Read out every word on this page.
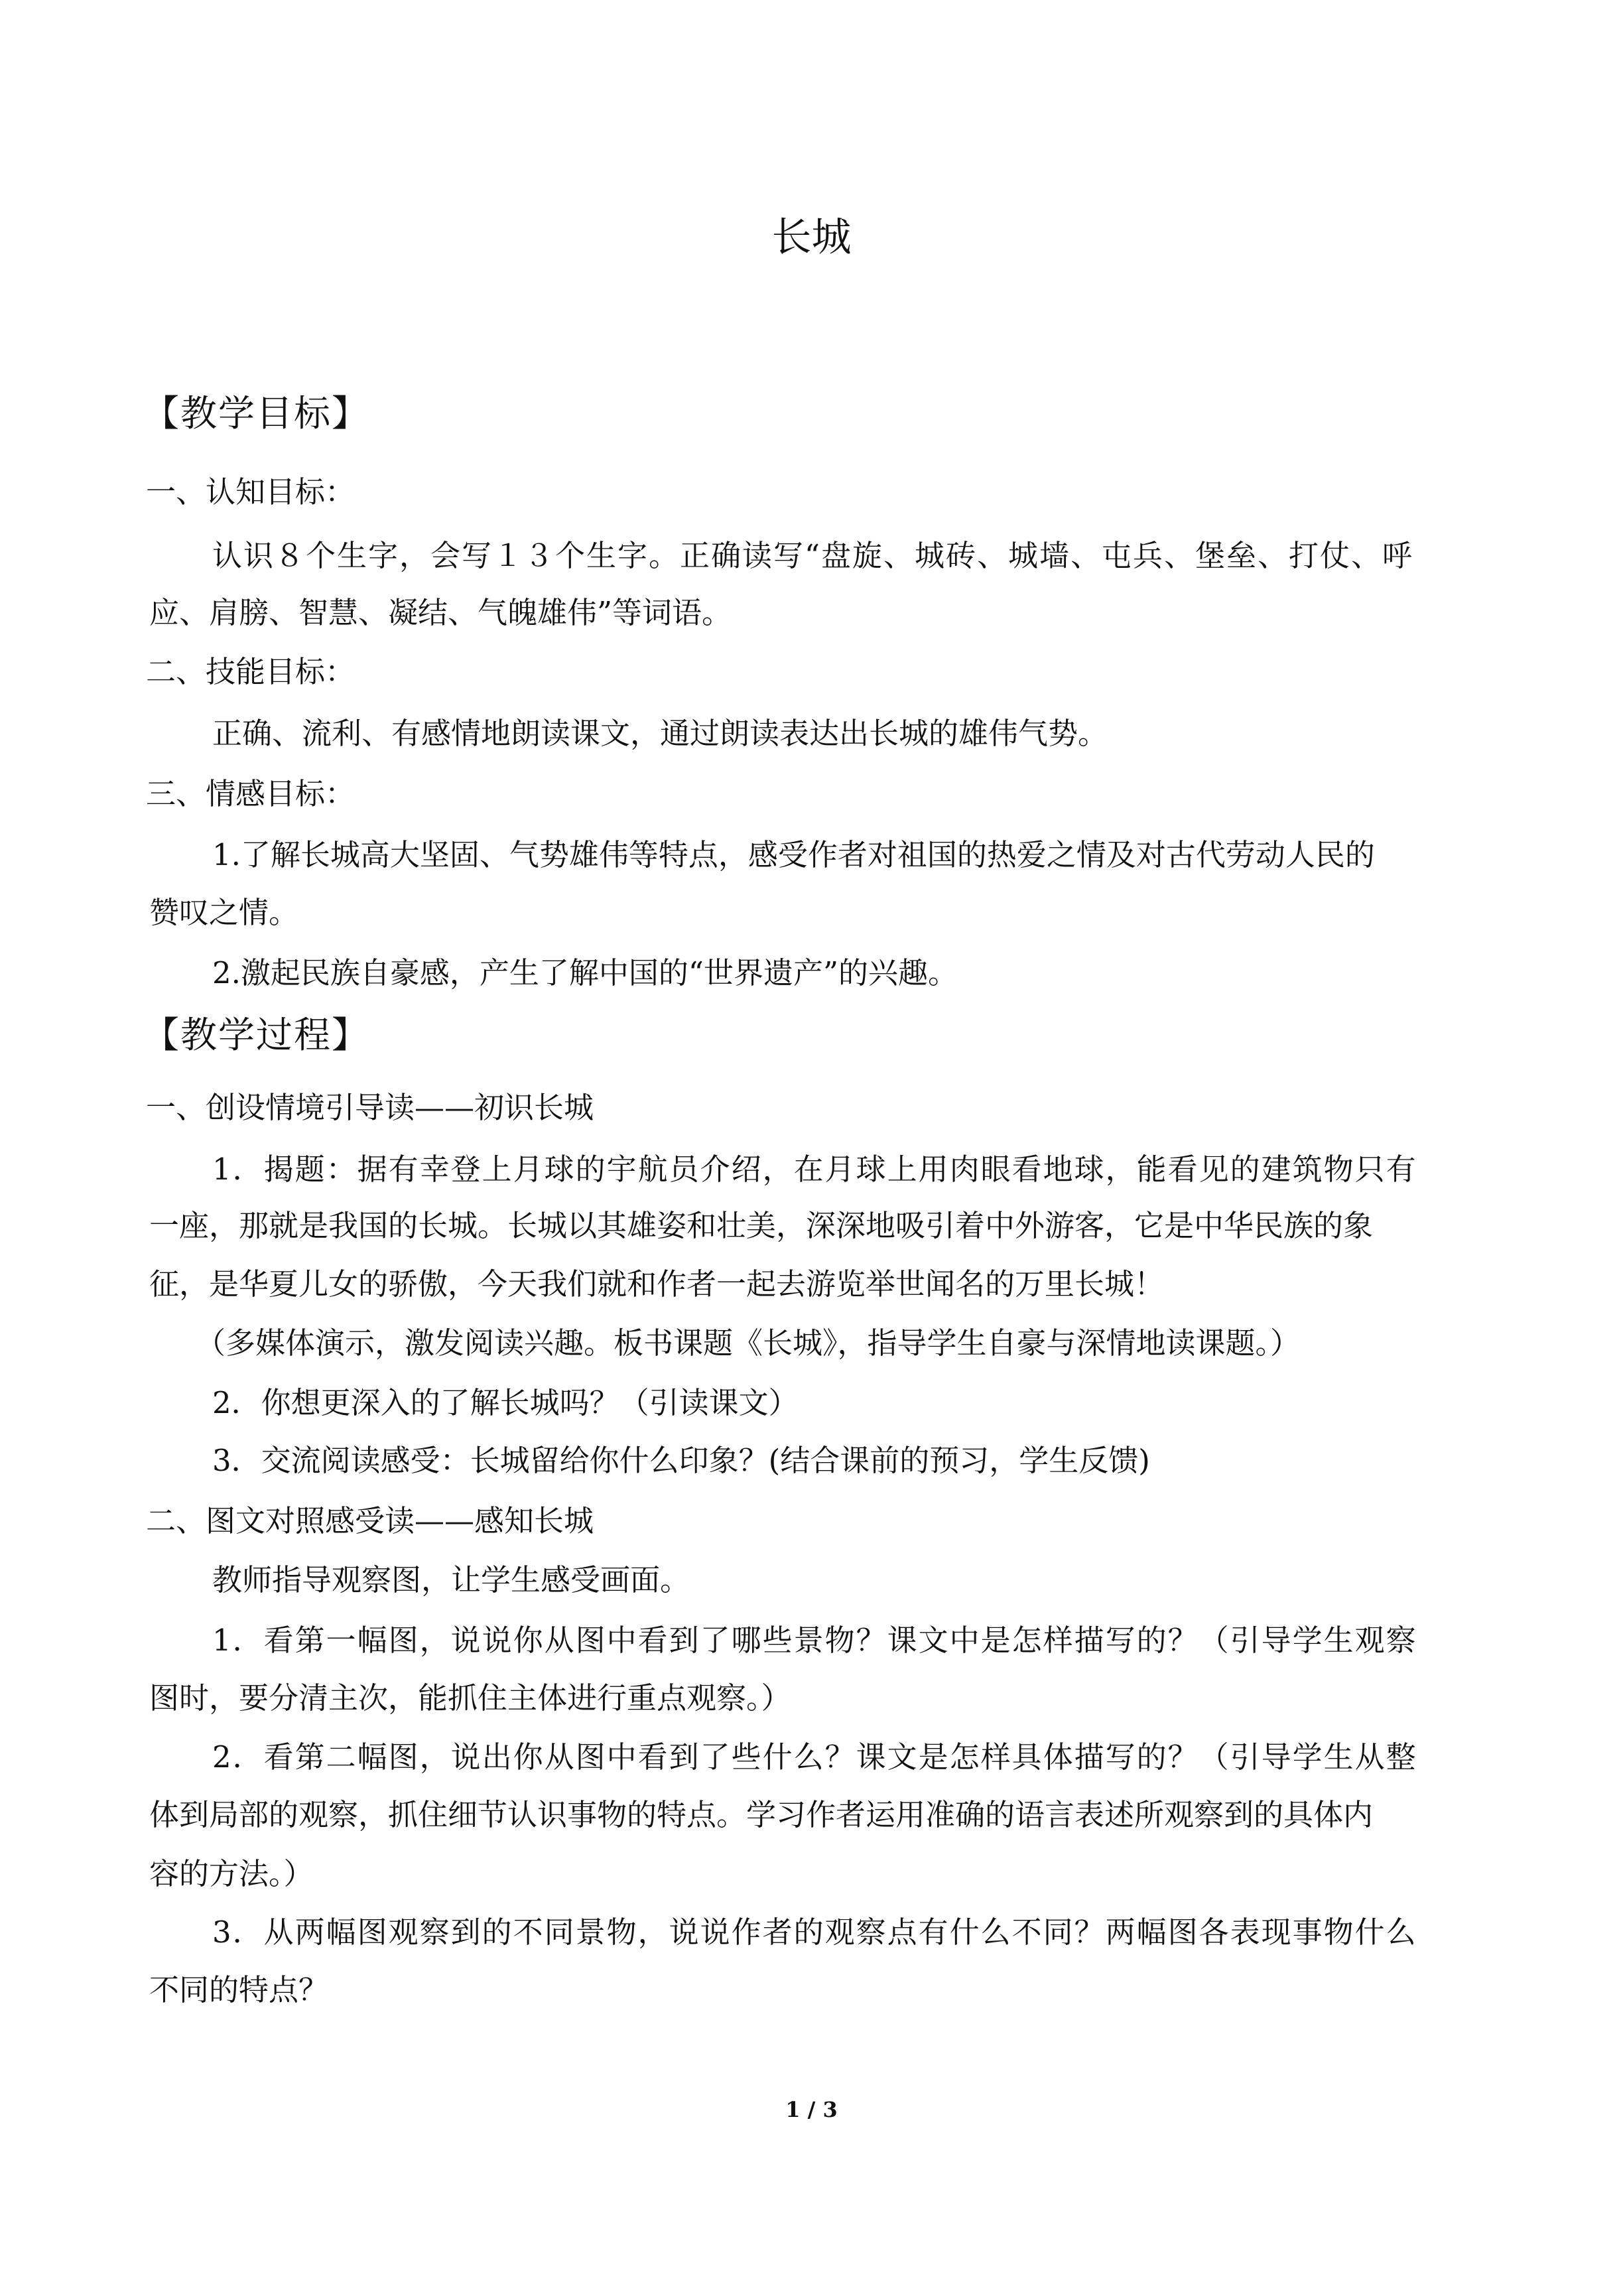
长城
【教学目标】
一、认知目标：
认识８个生字，会写１３个生字。正确读写“盘旋、城砖、城墙、屯兵、堡垒、打仗、呼
应、肩膀、智慧、凝结、气魄雄伟”等词语。
二、技能目标：
正确、流利、有感情地朗读课文，通过朗读表达出长城的雄伟气势。
三、情感目标：
1.了解长城高大坚固、气势雄伟等特点，感受作者对祖国的热爱之情及对古代劳动人民的
赞叹之情。
2.激起民族自豪感，产生了解中国的“世界遗产”的兴趣。
【教学过程】
一、创设情境引导读——初识长城
1．揭题：据有幸登上月球的宇航员介绍，在月球上用肉眼看地球，能看见的建筑物只有
一座，那就是我国的长城。长城以其雄姿和壮美，深深地吸引着中外游客，它是中华民族的象
征，是华夏儿女的骄傲，今天我们就和作者一起去游览举世闻名的万里长城！
（多媒体演示，激发阅读兴趣。板书课题《长城》，指导学生自豪与深情地读课题。）
2．你想更深入的了解长城吗？（引读课文）
3．交流阅读感受：长城留给你什么印象？(结合课前的预习，学生反馈)
二、图文对照感受读——感知长城
教师指导观察图，让学生感受画面。
1．看第一幅图，说说你从图中看到了哪些景物？课文中是怎样描写的？（引导学生观察
图时，要分清主次，能抓住主体进行重点观察。）
2．看第二幅图，说出你从图中看到了些什么？课文是怎样具体描写的？（引导学生从整
体到局部的观察，抓住细节认识事物的特点。学习作者运用准确的语言表述所观察到的具体内
容的方法。）
3．从两幅图观察到的不同景物，说说作者的观察点有什么不同？两幅图各表现事物什么
不同的特点？
1 / 3
